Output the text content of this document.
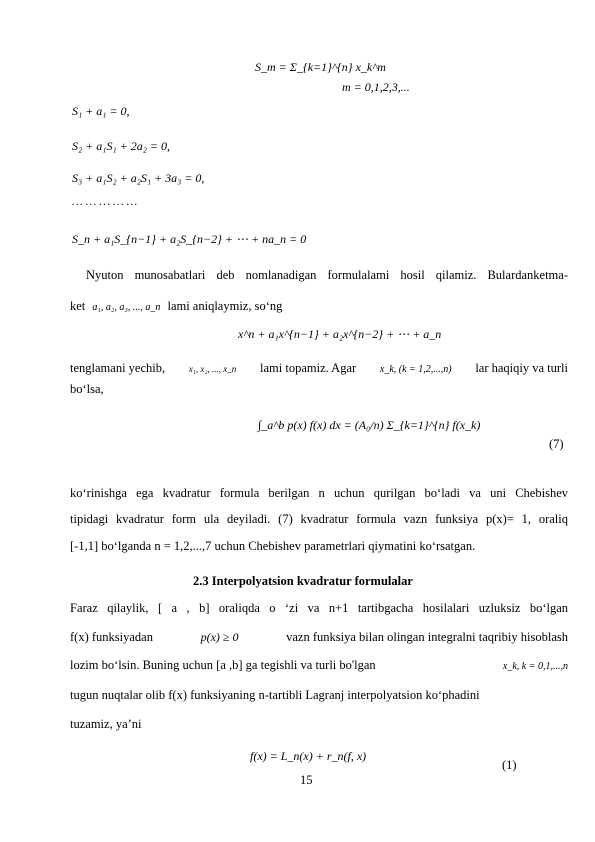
S_m = Σ_{k=1}^{n} x_k^m
m = 0,1,2,3,...
S₁ + a₁ = 0,
S₂ + a₁S₁ + 2a₂ = 0,
S₃ + a₁S₂ + a₂S₁ + 3a₃ = 0,
… … … … …
S_n + a₁S_{n−1} + a₂S_{n−2} + ⋯ + na_n = 0
Nyuton munosabatlari deb nomlanadigan formulalami hosil qilamiz. Bulardanketma-
ket a₁, a₂, a₃, ..., a_n lami aniqlaymiz, so‘ng
x^n + a₁x^{n−1} + a₂x^{n−2} + ⋯ + a_n
tenglamani yechib,	x₁, x₂, ..., x_n lami topamiz. Agar x_k, (k = 1,2,...,n) lar haqiqiy va turli
bo‘lsa,
∫_a^b p(x) f(x) dx = (A₀/n) Σ_{k=1}^{n} f(x_k)
(7)
ko‘rinishga ega kvadratur formula berilgan n uchun qurilgan bo‘ladi va uni Chebishev
tipidagi kvadratur form ula deyiladi. (7) kvadratur formula vazn funksiya p(x)= 1, oraliq
[-1,1] bo‘lganda n = 1,2,...,7 uchun Chebishev parametrlari qiymatini ko‘rsatgan.
2.3 Interpolyatsion kvadratur formulalar
Faraz qilaylik, [ a , b] oraliqda o ‘zi va n+1 tartibgacha hosilalari uzluksiz bo‘lgan
f(x) funksiyadan	p(x) ≥ 0	vazn funksiya bilan olingan integralni taqribiy hisoblash
lozim bo‘lsin. Buning uchun [a ,b] ga tegishli va turli bo'lgan	x_k, k = 0,1,...,n
tugun nuqtalar olib f(x) funksiyaning n-tartibli Lagranj interpolyatsion ko‘phadini
tuzamiz, ya’ni
f(x) = L_n(x) + r_n(f, x)
(1)
15
